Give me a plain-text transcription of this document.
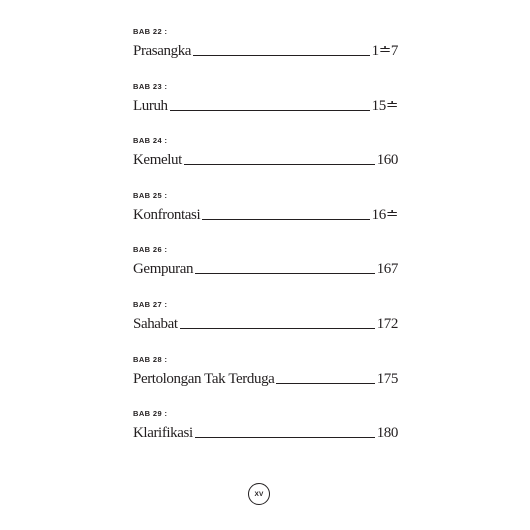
BAB 22 :

Prasangka	1≐7

BAB 23 :

Luruh	15≐

BAB 24 :

Kemelut	160

BAB 25 :

Konfrontasi	16≐

BAB 26 :

Gempuran	167

BAB 27 :

Sahabat	172

BAB 28 :

Pertolongan Tak Terduga	175

BAB 29 :

Klarifikasi	180
XV
